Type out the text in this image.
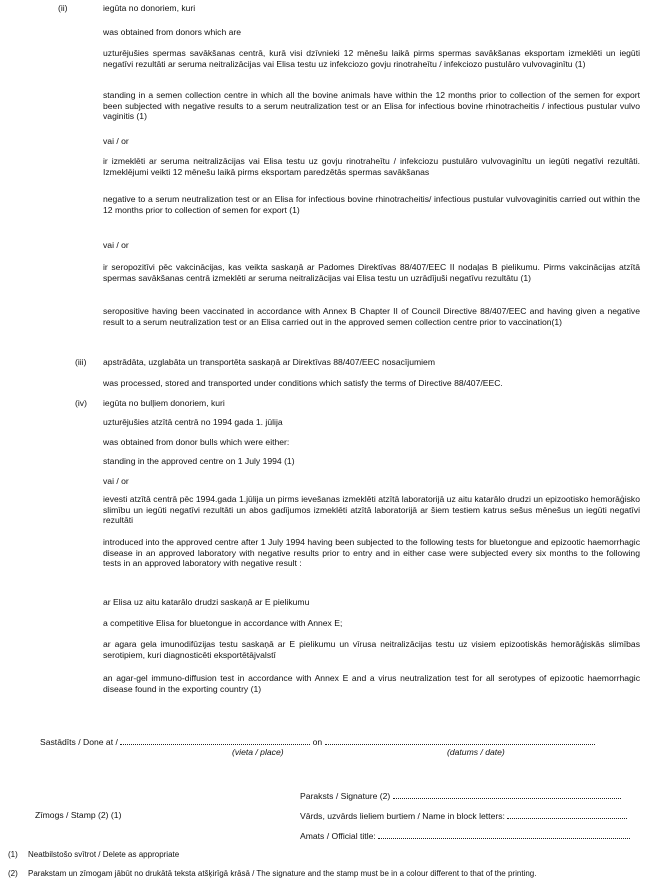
(ii)	iegūta no donoriem, kuri
was obtained from donors which are
uzturējušies spermas savākšanas centrā, kurā visi dzīvnieki 12 mēnešu laikā pirms spermas savākšanas eksportam izmeklēti un iegūti negatīvi rezultāti ar seruma neitralizācijas vai Elisa testu uz infekciozo govju rinotraheītu / infekciozo pustulāro vulvovaginītu (1)
standing in a semen collection centre in which all the bovine animals have within the 12 months prior to collection of the semen for export been subjected with negative results to a serum neutralization test or an Elisa for infectious bovine rhinotracheitis / infectious pustular vulvo vaginitis (1)
vai / or
ir izmeklēti ar seruma neitralizācijas vai Elisa testu uz govju rinotraheītu / infekciozu pustulāro vulvovaginītu un iegūti negatīvi rezultāti. Izmeklējumi veikti 12 mēnešu laikā pirms eksportam paredzētās spermas savākšanas
negative to a serum neutralization test or an Elisa for infectious bovine rhinotracheitis/ infectious pustular vulvovaginitis carried out within the 12 months prior to collection of semen for export (1)
vai / or
ir seropozitīvi pēc vakcinācijas, kas veikta saskaņā ar Padomes Direktīvas 88/407/EEC II nodaļas B pielikumu. Pirms vakcinācijas atzītā spermas savākšanas centrā izmeklēti ar seruma neitralizācijas vai Elisa testu un uzrādījuši negatīvu rezultātu (1)
seropositive having been vaccinated in accordance with Annex B Chapter II of Council Directive 88/407/EEC and having given a negative result to a serum neutralization test or an Elisa carried out in the approved semen collection centre prior to vaccination(1)
(iii) apstrādāta, uzglabāta un transportēta saskaņā ar Direktīvas 88/407/EEC nosacījumiem
was processed, stored and transported under conditions which satisfy the terms of Directive 88/407/EEC.
(iv) iegūta no bulļiem donoriem, kuri
uzturējušies atzītā centrā no 1994 gada 1. jūlija
was obtained from donor bulls which were either:
standing in the approved centre on 1 July 1994 (1)
vai / or
ievesti atzītā centrā pēc 1994.gada 1.jūlija un pirms ievešanas izmeklēti atzītā laboratorijā uz aitu katarālo drudzi un epizootisko hemorāģisko slimību un iegūti negatīvi rezultāti un abos gadījumos izmeklēti atzītā laboratorijā ar šiem testiem katrus sešus mēnešus un iegūti negatīvi rezultāti
introduced into the approved centre after 1 July 1994 having been subjected to the following tests for bluetongue and epizootic haemorrhagic disease in an approved laboratory with negative results prior to entry and in either case were subjected every six months to the following tests in an approved laboratory with negative result :
ar Elisa uz aitu katarālo drudzi saskaņā ar E pielikumu
a competitive Elisa for bluetongue in accordance with Annex E;
ar agara gela imunodifūzijas testu saskaņā ar E pielikumu un vīrusa neitralizācijas testu uz visiem epizootiskās hemorāģiskās slimības serotipiem, kuri diagnosticēti eksportētājvalstī
an agar-gel immuno-diffusion test in accordance with Annex E and a virus neutralization test for all serotypes of epizootic haemorrhagic disease found in the exporting country (1)
Sastādīts / Done at /	on
(vieta / place)	(datums / date)
Paraksts / Signature (2)
Zīmogs / Stamp (2) (1)	Vārds, uzvārds lieliem burtiem / Name in block letters:
Amats / Official title:
(1) Neatbilstošo svītrot / Delete as appropriate
(2) Parakstam un zīmogam jābūt no drukātā teksta atšķirīgā krāsā / The signature and the stamp must be in a colour different to that of the printing.
